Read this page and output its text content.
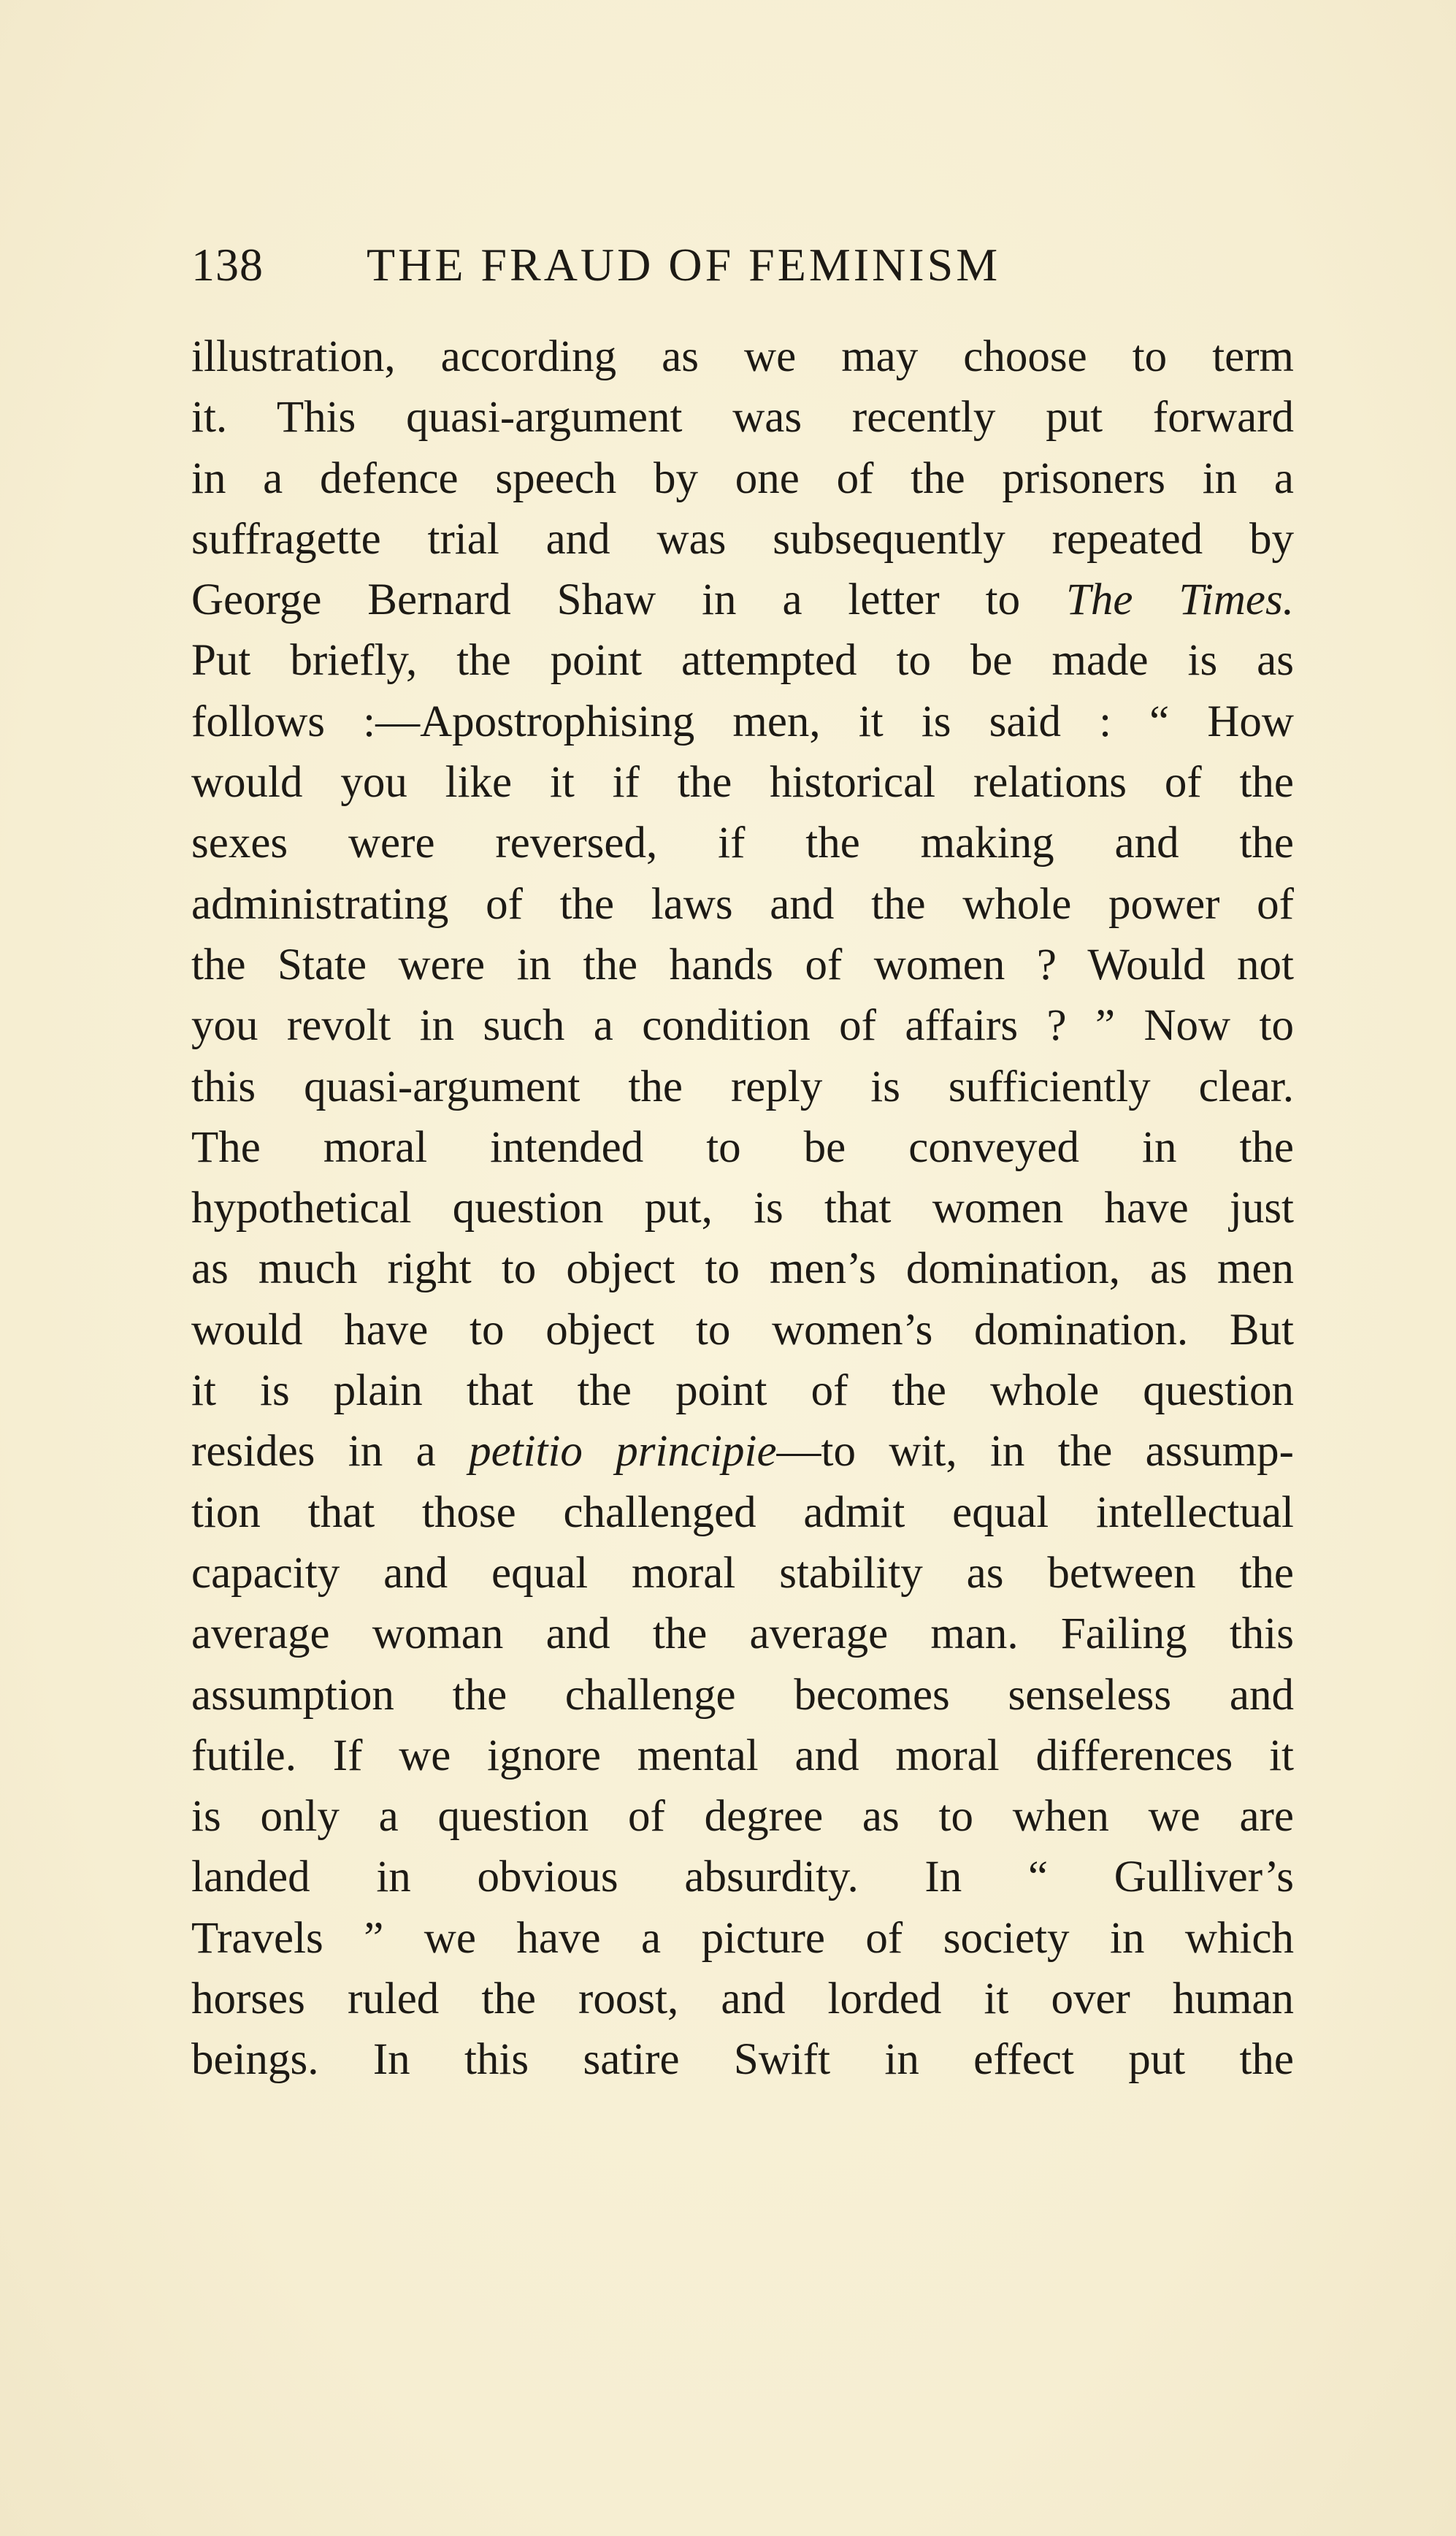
138 THE FRAUD OF FEMINISM
illustration, according as we may choose to term
it. This quasi-argument was recently put forward
in a defence speech by one of the prisoners in a
suffragette trial and was subsequently repeated by
George Bernard Shaw in a letter to The Times.
Put briefly, the point attempted to be made is as
follows :—Apostrophising men, it is said : “ How
would you like it if the historical relations of the
sexes were reversed, if the making and the
administrating of the laws and the whole power of
the State were in the hands of women ? Would not
you revolt in such a condition of affairs ? ” Now to
this quasi-argument the reply is sufficiently clear.
The moral intended to be conveyed in the
hypothetical question put, is that women have just
as much right to object to men’s domination, as men
would have to object to women’s domination. But
it is plain that the point of the whole question
resides in a petitio principie—to wit, in the assump-
tion that those challenged admit equal intellectual
capacity and equal moral stability as between the
average woman and the average man. Failing this
assumption the challenge becomes senseless and
futile. If we ignore mental and moral differences it
is only a question of degree as to when we are
landed in obvious absurdity. In “ Gulliver’s
Travels ” we have a picture of society in which
horses ruled the roost, and lorded it over human
beings. In this satire Swift in effect put the
